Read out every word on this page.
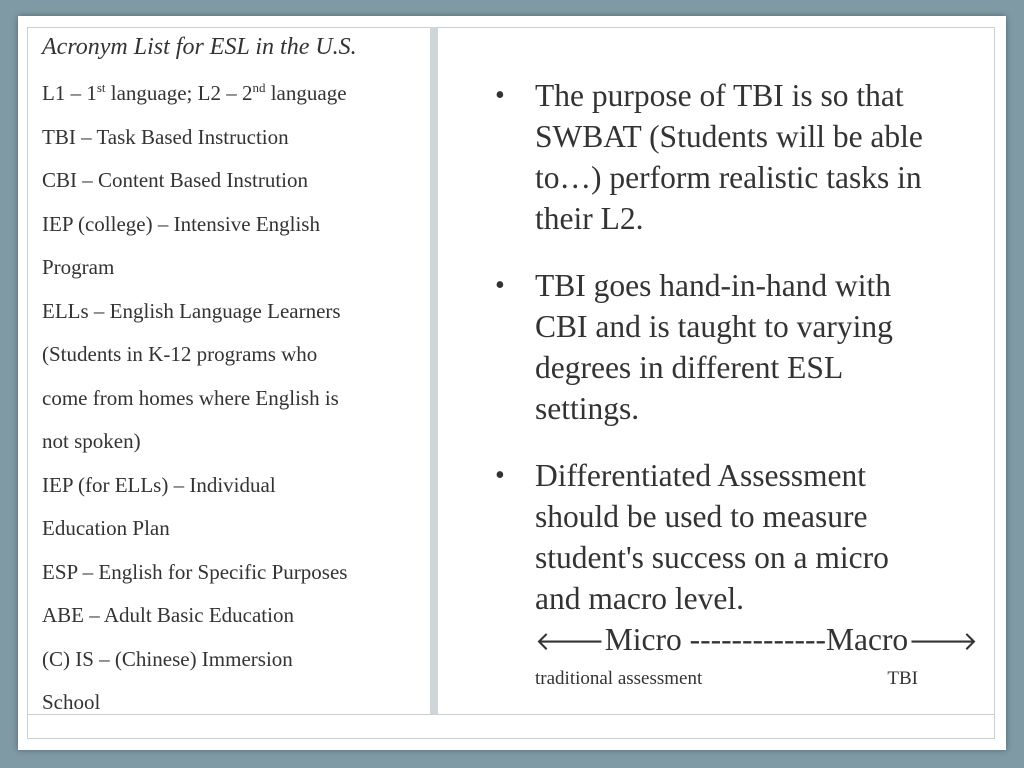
Acronym List for ESL in the U.S.

L1 – 1st language; L2 – 2nd language

TBI – Task Based Instruction

CBI – Content Based Instrution

IEP (college) – Intensive English

Program

ELLs – English Language Learners

(Students in K-12 programs who

come from homes where English is

not spoken)

IEP (for ELLs) – Individual

Education Plan

ESP – English for Specific Purposes

ABE – Adult Basic Education

(C) IS – (Chinese) Immersion

School

• The purpose of TBI is so that SWBAT (Students will be able to…) perform realistic tasks in their L2.
• TBI goes hand-in-hand with CBI and is taught to varying degrees in different ESL settings.
• Differentiated Assessment should be used to measure student's success on a micro and macro level.
🡐Micro -------------Macro🡒
traditional assessment	TBI
